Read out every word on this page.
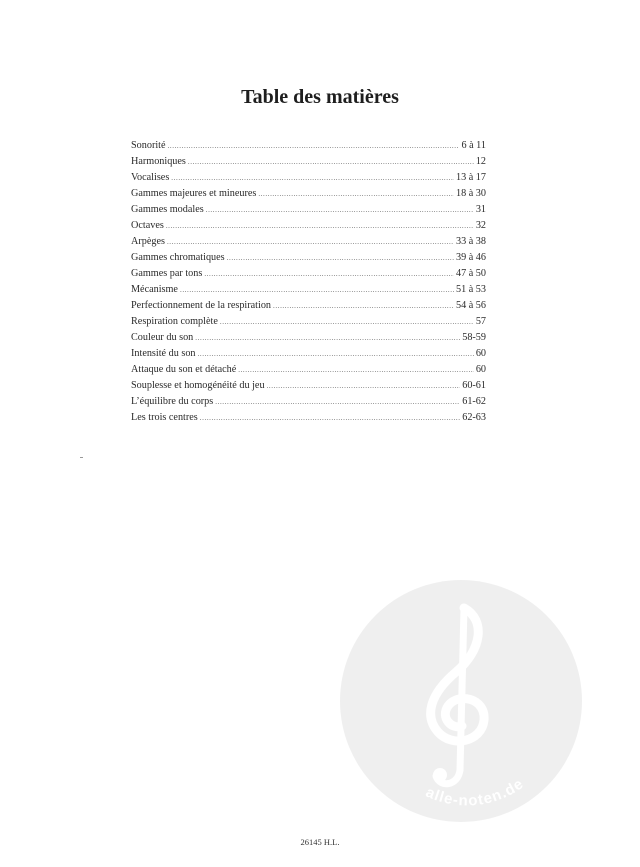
Table des matières
Sonorité .....	6 à 11
Harmoniques .....	12
Vocalises .....	13 à 17
Gammes majeures et mineures .....	18 à 30
Gammes modales .....	31
Octaves .....	32
Arpèges .....	33 à 38
Gammes chromatiques .....	39 à 46
Gammes par tons .....	47 à 50
Mécanisme .....	51 à 53
Perfectionnement de la respiration .....	54 à 56
Respiration complète .....	57
Couleur du son .....	58-59
Intensité du son .....	60
Attaque du son et détaché .....	60
Souplesse et homogénéité du jeu .....	60-61
L’équilibre du corps .....	61-62
Les trois centres .....	62-63
alle-noten.de
26145 H.L.
